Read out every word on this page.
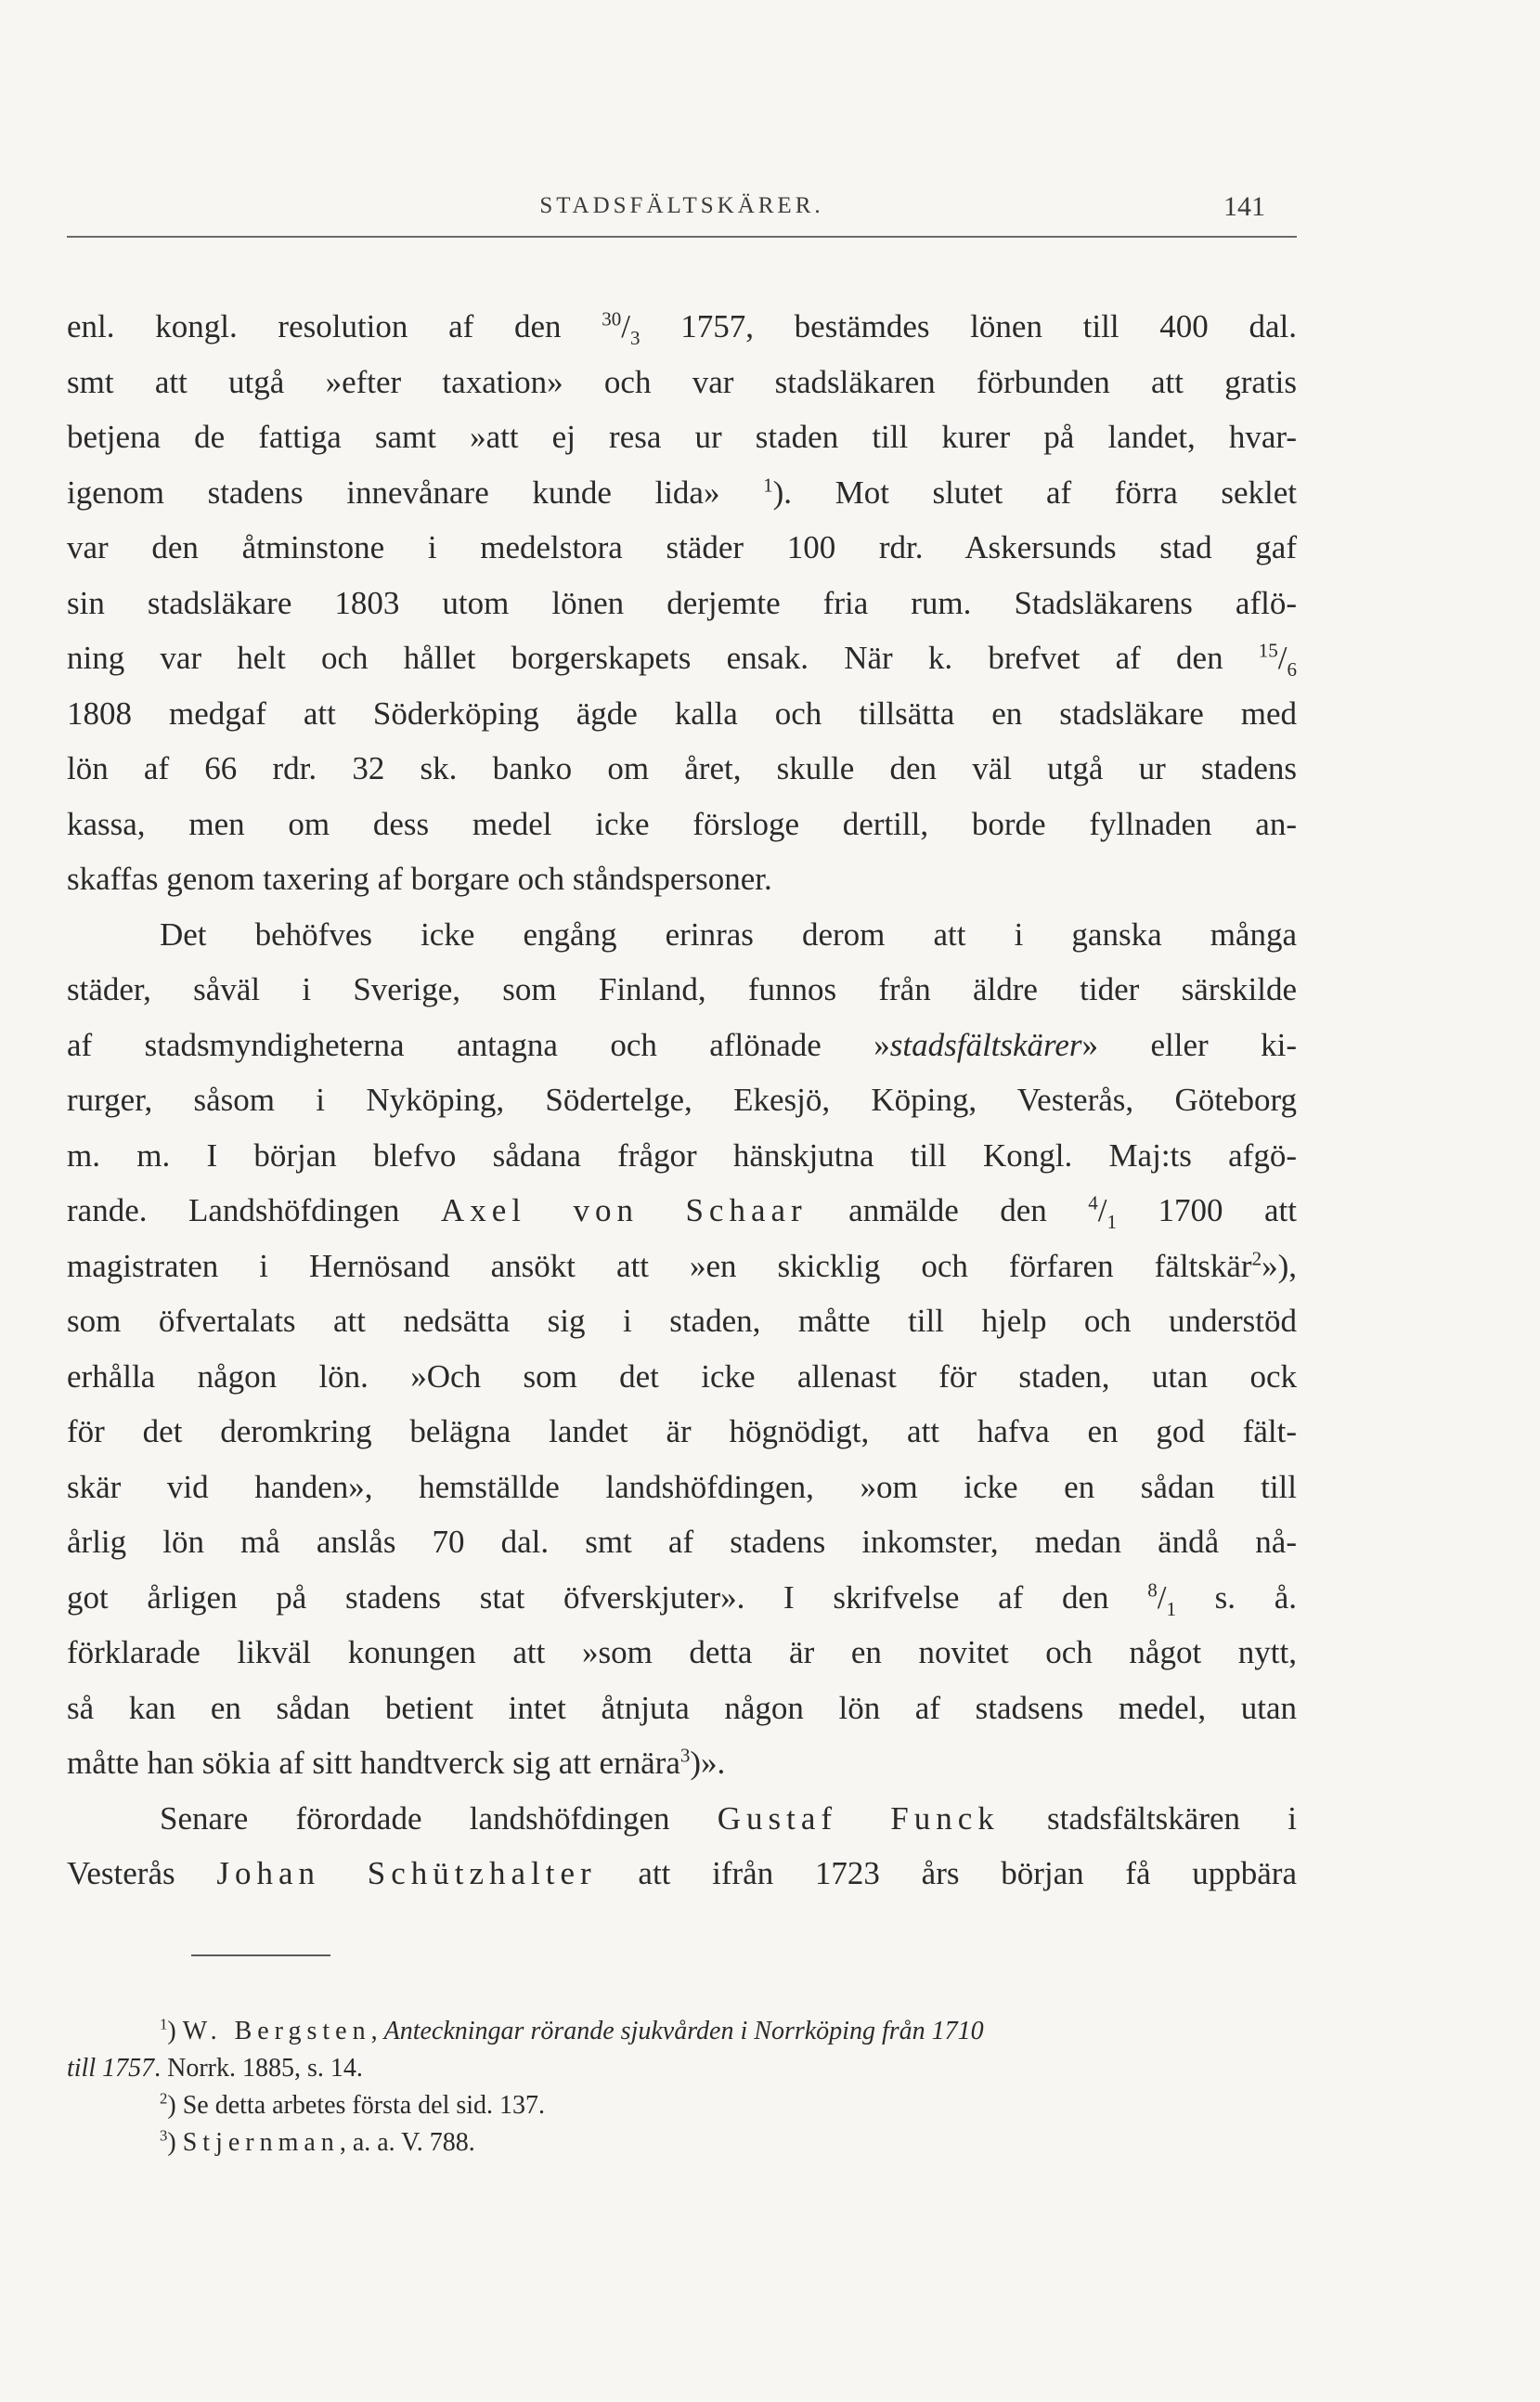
STADSFÄLTSKÄRER.	141
enl. kongl. resolution af den $^{30}/_3$ 1757, bestämdes lönen till 400 dal.
smt att utgå »efter taxation» och var stadsläkaren förbunden att gratis
betjena de fattiga samt »att ej resa ur staden till kurer på landet, hvar-
igenom stadens innevånare kunde lida» $^1$). Mot slutet af förra seklet
var den åtminstone i medelstora städer 100 rdr. Askersunds stad gaf
sin stadsläkare 1803 utom lönen derjemte fria rum. Stadsläkarens aflö-
ning var helt och hållet borgerskapets ensak. När k. brefvet af den $^{15}/_6$
1808 medgaf att Söderköping ägde kalla och tillsätta en stadsläkare med
lön af 66 rdr. 32 sk. banko om året, skulle den väl utgå ur stadens
kassa, men om dess medel icke försloge dertill, borde fyllnaden an-
skaffas genom taxering af borgare och ståndspersoner.
Det behöfves icke engång erinras derom att i ganska många
städer, såväl i Sverige, som Finland, funnos från äldre tider särskilde
af stadsmyndigheterna antagna och aflönade »stadsfältskärer» eller ki-
rurger, såsom i Nyköping, Södertelge, Ekesjö, Köping, Vesterås, Göteborg
m. m. I början blefvo sådana frågor hänskjutna till Kongl. Maj:ts afgö-
rande. Landshöfdingen Axel von Schaar anmälde den $^4/_1$ 1700 att
magistraten i Hernösand ansökt att »en skicklig och förfaren fältskär$^2$»),
som öfvertalats att nedsätta sig i staden, måtte till hjelp och understöd
erhålla någon lön. »Och som det icke allenast för staden, utan ock
för det deromkring belägna landet är högnödigt, att hafva en god fält-
skär vid handen», hemställde landshöfdingen, »om icke en sådan till
årlig lön må anslås 70 dal. smt af stadens inkomster, medan ändå nå-
got årligen på stadens stat öfverskjuter». I skrifvelse af den $^8/_1$ s. å.
förklarade likväl konungen att »som detta är en novitet och något nytt,
så kan en sådan betient intet åtnjuta någon lön af stadsens medel, utan
måtte han sökia af sitt handtverck sig att ernära$^3$)».
Senare förordade landshöfdingen Gustaf Funck stadsfältskären i
Vesterås Johan Schützhalter att ifrån 1723 års början få uppbära
$^1$) W. Bergsten, Anteckningar rörande sjukvården i Norrköping från 1710
till 1757. Norrk. 1885, s. 14.
$^2$) Se detta arbetes första del sid. 137.
$^3$) Stjernman, a. a. V. 788.
